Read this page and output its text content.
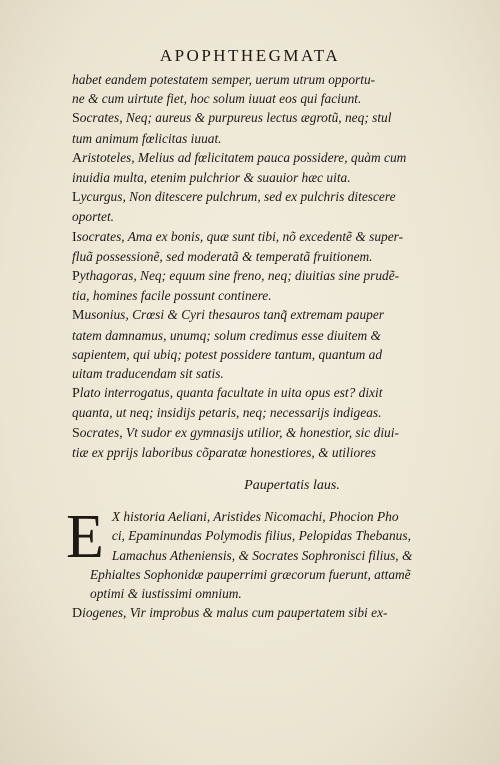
APOPHTHEGMATA
habet eandem potestatem semper, uerum utrum opportu-
ne & cum uirtute fiet, hoc solum iuuat eos qui faciunt.
Socrates, Neq; aureus & purpureus lectus ægrotũ, neq; stul
tum animum fœlicitas iuuat.
Aristoteles, Melius ad fœlicitatem pauca possidere, quàm cum
inuidia multa, etenim pulchrior & suauior hæc uita.
Lycurgus, Non ditescere pulchrum, sed ex pulchris ditescere
oportet.
Isocrates, Ama ex bonis, quæ sunt tibi, nõ excedentẽ & super-
fluã possessionẽ, sed moderatã & temperatã fruitionem.
Pythagoras, Neq; equum sine freno, neq; diuitias sine prudẽ-
tia, homines facile possunt continere.
Musonius, Crœsi & Cyri thesauros tanq̃ extremam pauper
tatem damnamus, unumq; solum credimus esse diuitem &
sapientem, qui ubiq; potest possidere tantum, quantum ad
uitam traducendam sit satis.
Plato interrogatus, quanta facultate in uita opus est? dixit
quanta, ut neq; insidijs petaris, neq; necessarijs indigeas.
Socrates, Vt sudor ex gymnasijs utilior, & honestior, sic diui-
tiæ ex pprijs laboribus cõparatæ honestiores, & utiliores
Paupertatis laus.
E X historia Aeliani, Aristides Nicomachi, Phocion Pho
ci, Epaminundas Polymodis filius, Pelopidas Thebanus,
Lamachus Atheniensis, & Socrates Sophronisci filius, &
Ephialtes Sophonidæ pauperrimi græcorum fuerunt, attamẽ
optimi & iustissimi omnium.
Diogenes, Vir improbus & malus cum paupertatem sibi ex-
